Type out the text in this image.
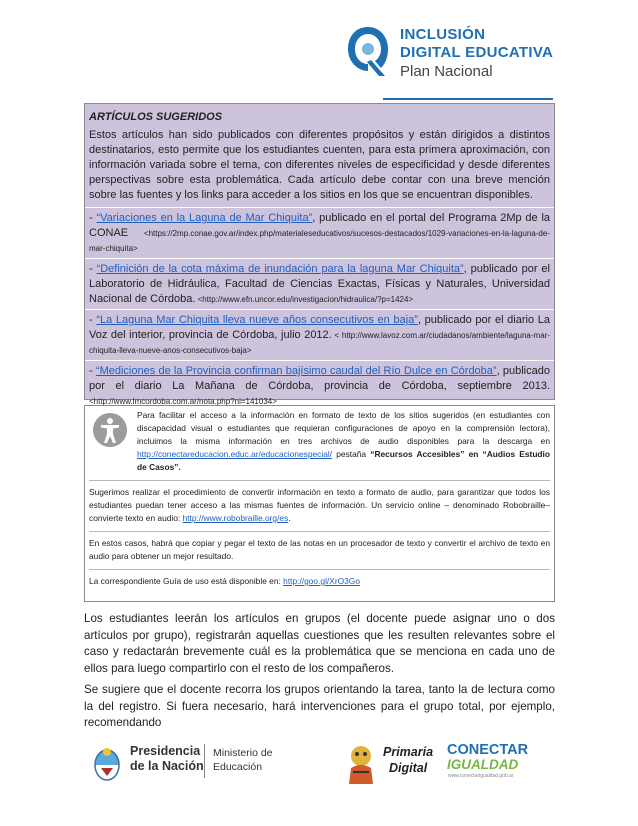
INCLUSIÓN
DIGITAL EDUCATIVA
Plan Nacional

ARTÍCULOS SUGERIDOS

Estos artículos han sido publicados con diferentes propósitos y están dirigidos a distintos destinatarios, esto permite que los estudiantes cuenten, para esta primera aproximación, con información variada sobre el tema, con diferentes niveles de especificidad y desde diferentes perspectivas sobre esta problemática. Cada artículo debe contar con una breve mención sobre las fuentes y los links para acceder a los sitios en los que se encuentran disponibles.

- “Variaciones en la Laguna de Mar Chiquita”, publicado en el portal del Programa 2Mp de la CONAE <https://2mp.conae.gov.ar/index.php/materialeseducativos/sucesos-destacados/1029-variaciones-en-la-laguna-de-mar-chiquita>

- “Definición de la cota máxima de inundación para la laguna Mar Chiquita”, publicado por el Laboratorio de Hidráulica, Facultad de Ciencias Exactas, Físicas y Naturales, Universidad Nacional de Córdoba. <http://www.efn.uncor.edu/investigacion/hidraulica/?p=1424>

- “La Laguna Mar Chiquita lleva nueve años consecutivos en baja”, publicado por el diario La Voz del interior, provincia de Córdoba, julio 2012. < http://www.lavoz.com.ar/ciudadanos/ambiente/laguna-mar-chiquita-lleva-nueve-anos-consecutivos-baja>

- “Mediciones de la Provincia confirman bajísimo caudal del Río Dulce en Córdoba”, publicado por el diario La Mañana de Córdoba, provincia de Córdoba, septiembre 2013. <http://www.lmcordoba.com.ar/nota.php?ni=141034>

Para facilitar el acceso a la información en formato de texto de los sitios sugeridos (en estudiantes con discapacidad visual o estudiantes que requieran configuraciones de apoyo en la comprensión lectora), incluimos la misma información en tres archivos de audio disponibles para la descarga en http://conectareducacion.educ.ar/educacionespecial/ pestaña “Recursos Accesibles” en “Audios Estudio de Casos”.

Sugerimos realizar el procedimiento de convertir información en texto a formato de audio, para garantizar que todos los estudiantes puedan tener acceso a las mismas fuentes de información. Un servicio online – denominado Robobraille– convierte texto en audio: http://www.robobraille.org/es.

En estos casos, habrá que copiar y pegar el texto de las notas en un procesador de texto y convertir el archivo de texto en audio para obtener un mejor resultado.

La correspondiente Guía de uso está disponible en: http://goo.gl/XrO3Go

Los estudiantes leerán los artículos en grupos (el docente puede asignar uno o dos artículos por grupo), registrarán aquellas cuestiones que les resulten relevantes sobre el caso y redactarán brevemente cuál es la problemática que se menciona en cada uno de ellos para luego compartirlo con el resto de los compañeros.

Se sugiere que el docente recorra los grupos orientando la tarea, tanto la de lectura como la del registro. Si fuera necesario, hará intervenciones para el grupo total, por ejemplo, recomendando

Presidencia
de la Nación
Ministerio de
Educación
Primaria
Digital
CONECTAR
IGUALDAD
www.conectarigualdad.gob.ar
